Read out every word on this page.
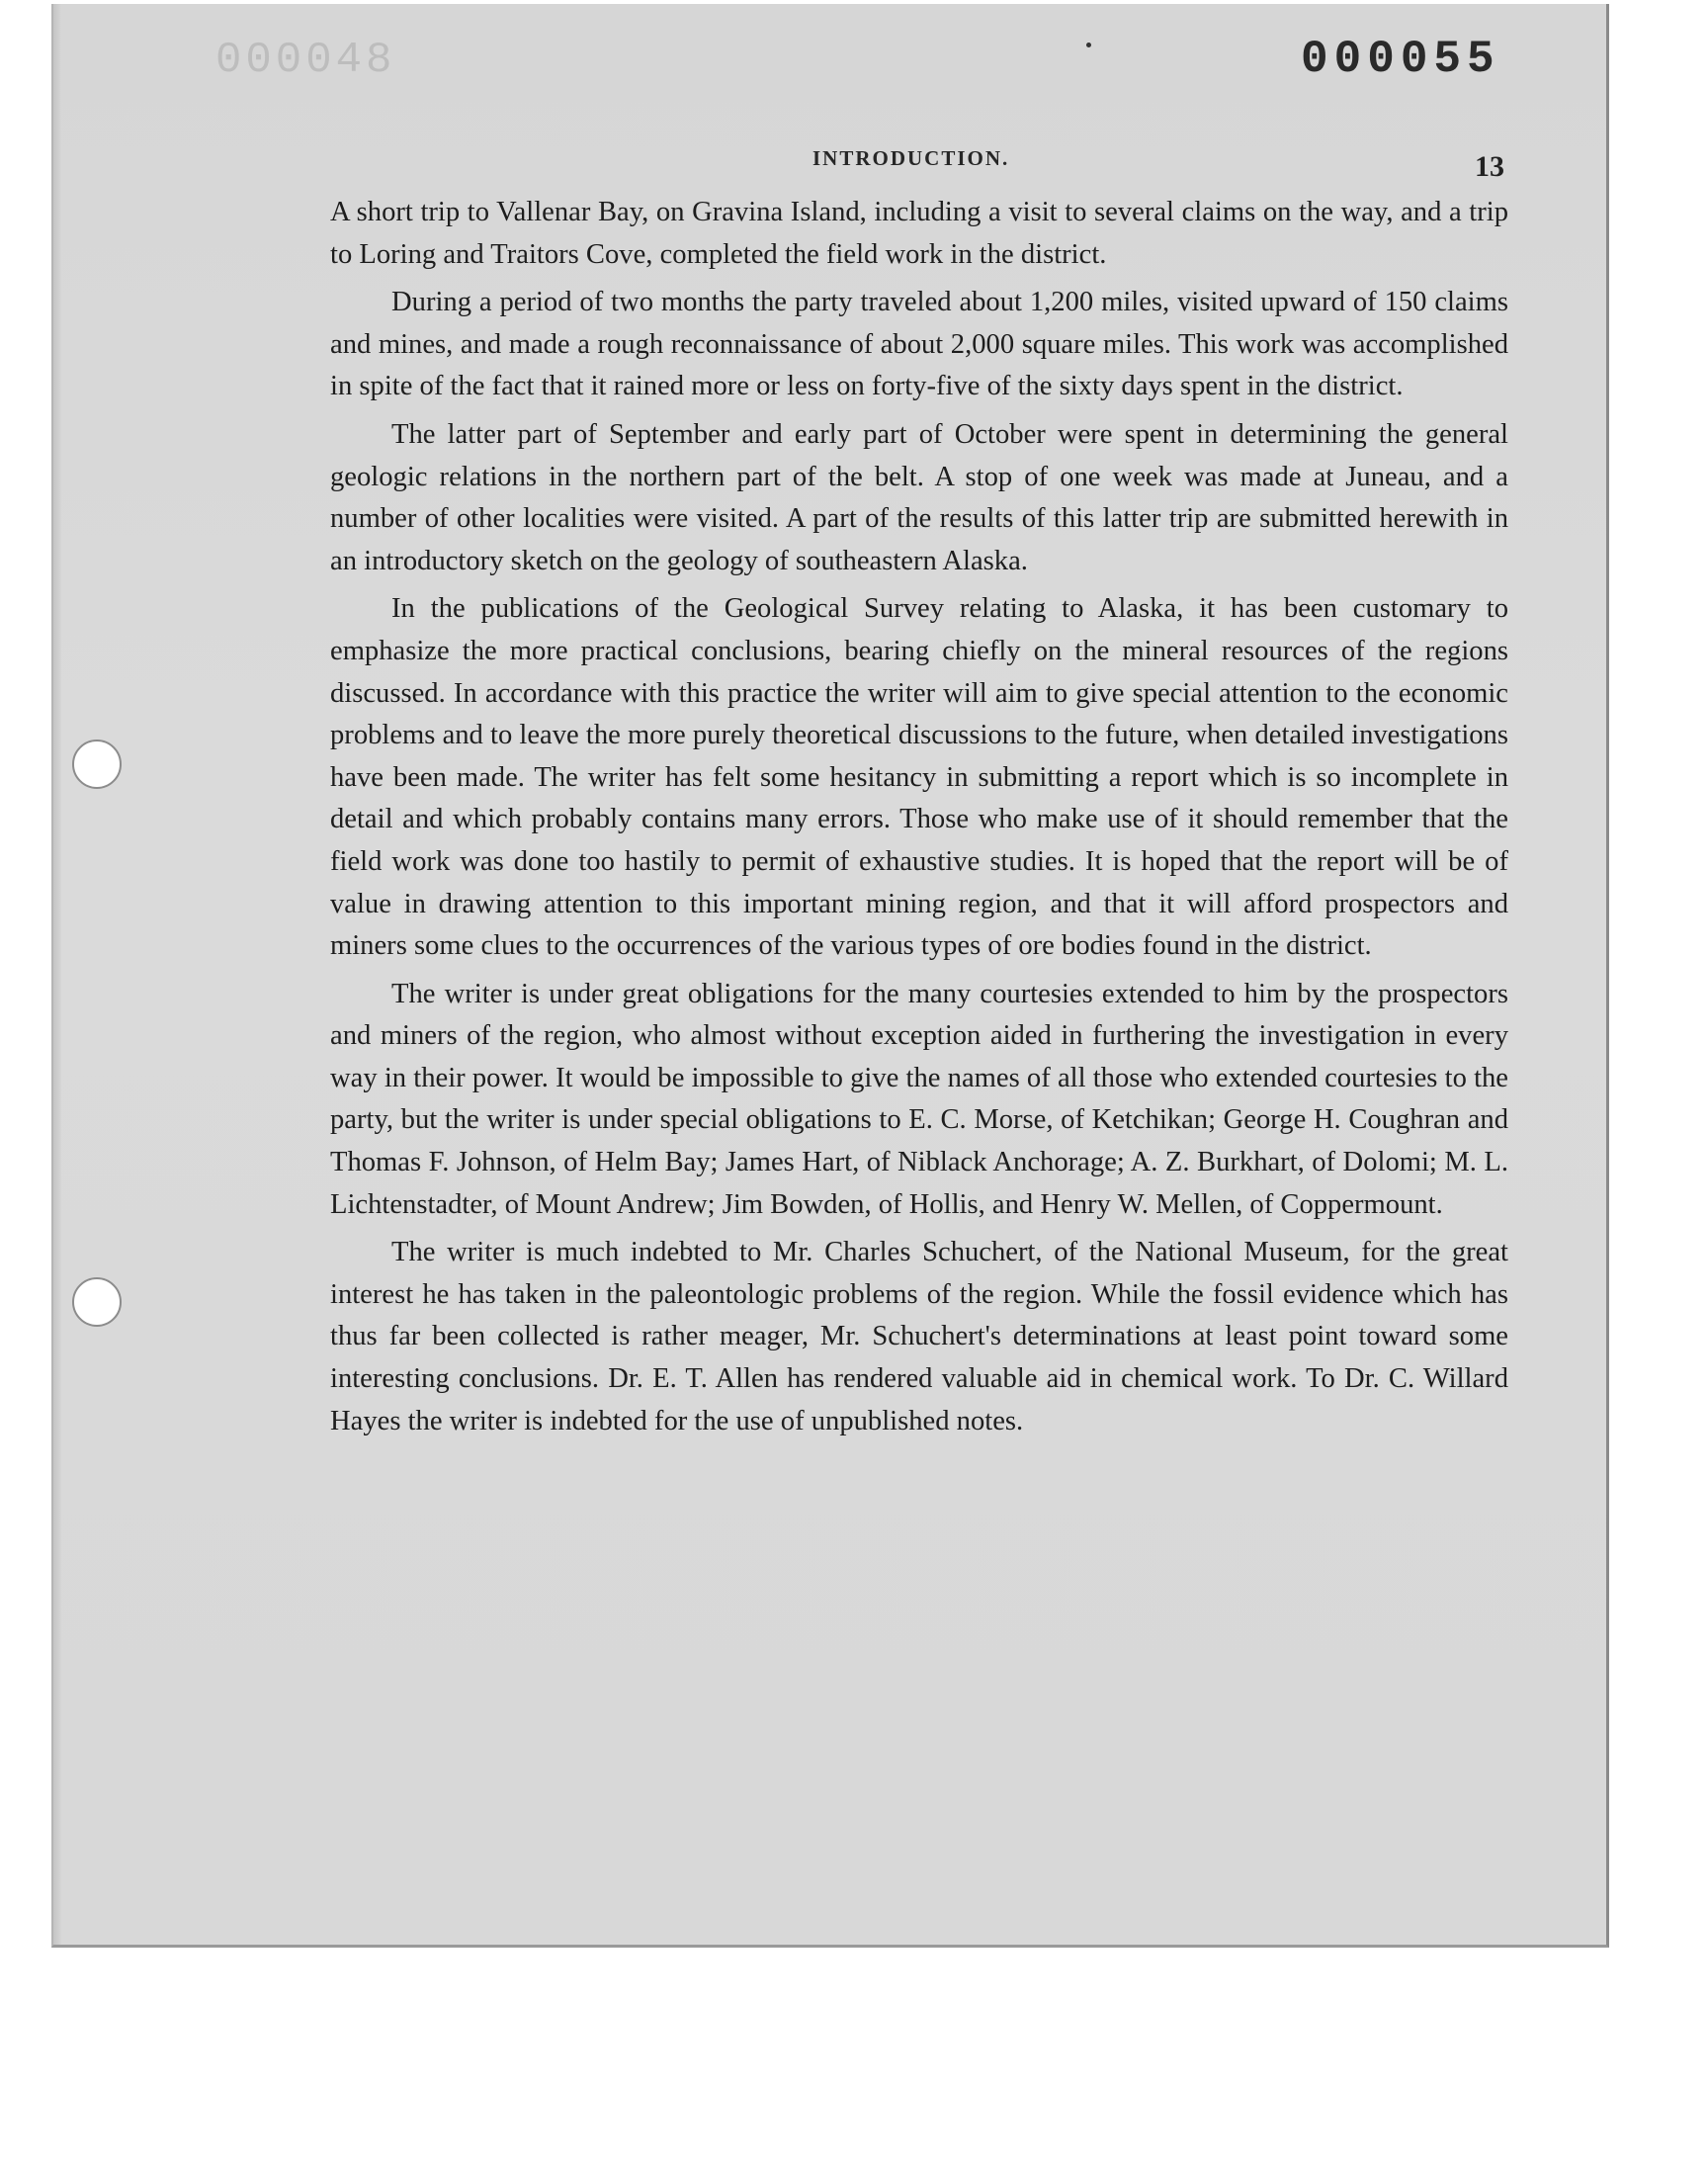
000048	000055
INTRODUCTION.	13

A short trip to Vallenar Bay, on Gravina Island, including a visit to several claims on the way, and a trip to Loring and Traitors Cove, completed the field work in the district.

During a period of two months the party traveled about 1,200 miles, visited upward of 150 claims and mines, and made a rough reconnaissance of about 2,000 square miles. This work was accomplished in spite of the fact that it rained more or less on forty-five of the sixty days spent in the district.

The latter part of September and early part of October were spent in determining the general geologic relations in the northern part of the belt. A stop of one week was made at Juneau, and a number of other localities were visited. A part of the results of this latter trip are submitted herewith in an introductory sketch on the geology of southeastern Alaska.

In the publications of the Geological Survey relating to Alaska, it has been customary to emphasize the more practical conclusions, bearing chiefly on the mineral resources of the regions discussed. In accordance with this practice the writer will aim to give special attention to the economic problems and to leave the more purely theoretical discussions to the future, when detailed investigations have been made. The writer has felt some hesitancy in submitting a report which is so incomplete in detail and which probably contains many errors. Those who make use of it should remember that the field work was done too hastily to permit of exhaustive studies. It is hoped that the report will be of value in drawing attention to this important mining region, and that it will afford prospectors and miners some clues to the occurrences of the various types of ore bodies found in the district.

The writer is under great obligations for the many courtesies extended to him by the prospectors and miners of the region, who almost without exception aided in furthering the investigation in every way in their power. It would be impossible to give the names of all those who extended courtesies to the party, but the writer is under special obligations to E. C. Morse, of Ketchikan; George H. Coughran and Thomas F. Johnson, of Helm Bay; James Hart, of Niblack Anchorage; A. Z. Burkhart, of Dolomi; M. L. Lichtenstadter, of Mount Andrew; Jim Bowden, of Hollis, and Henry W. Mellen, of Coppermount.

The writer is much indebted to Mr. Charles Schuchert, of the National Museum, for the great interest he has taken in the paleontologic problems of the region. While the fossil evidence which has thus far been collected is rather meager, Mr. Schuchert's determinations at least point toward some interesting conclusions. Dr. E. T. Allen has rendered valuable aid in chemical work. To Dr. C. Willard Hayes the writer is indebted for the use of unpublished notes.
